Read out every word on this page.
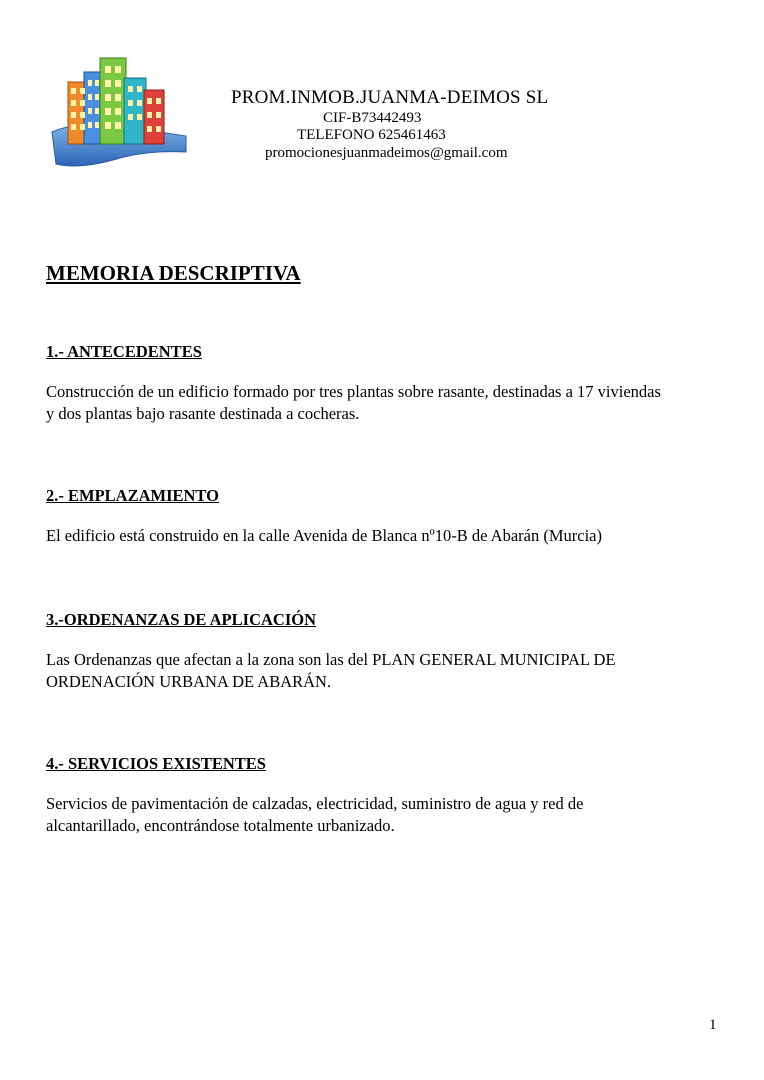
PROM.INMOB.JUANMA-DEIMOS SL
CIF-B73442493
TELEFONO 625461463
promocionesjuanmadeimos@gmail.com
MEMORIA DESCRIPTIVA
1.- ANTECEDENTES
Construcción de un edificio formado por tres plantas sobre rasante, destinadas a 17 viviendas
y dos plantas bajo rasante destinada a cocheras.
2.- EMPLAZAMIENTO
El edificio está construido en la calle Avenida de Blanca nº10-B de Abarán (Murcia)
3.-ORDENANZAS DE APLICACIÓN
Las Ordenanzas que afectan a la zona son las del PLAN GENERAL MUNICIPAL DE
ORDENACIÓN URBANA DE ABARÁN.
4.- SERVICIOS EXISTENTES
Servicios de pavimentación de calzadas, electricidad, suministro de agua y red de
alcantarillado, encontrándose totalmente urbanizado.
1
